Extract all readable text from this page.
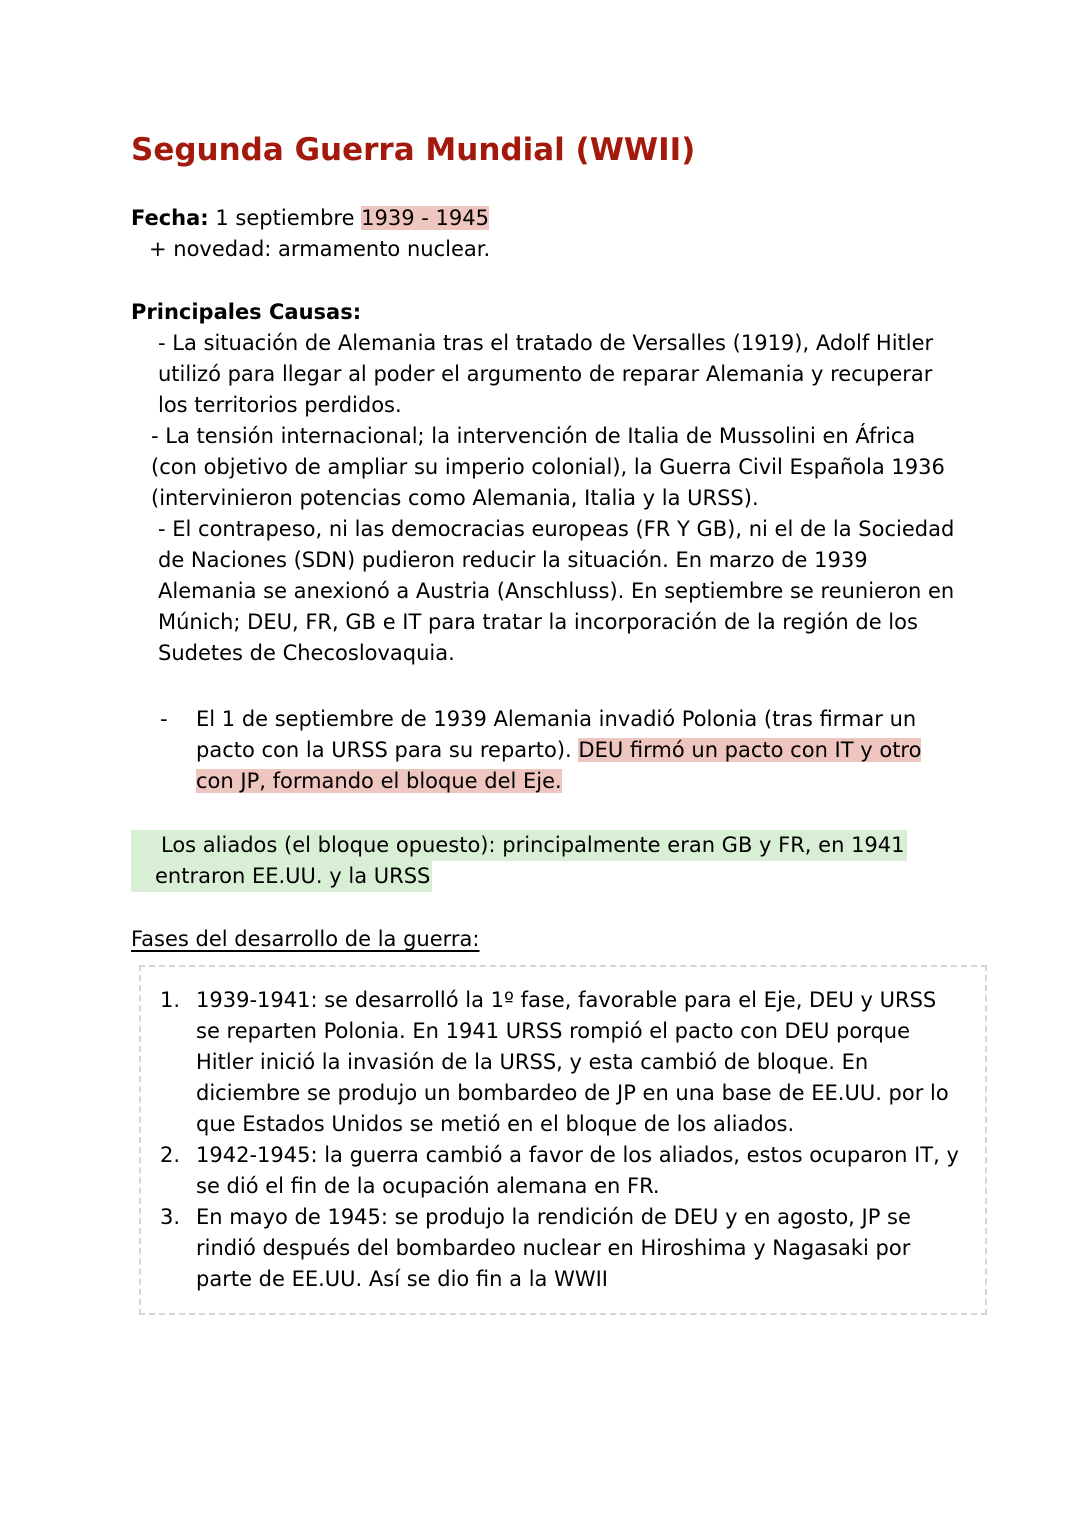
Segunda Guerra Mundial (WWII)

Fecha: 1 septiembre 1939 - 1945

+ novedad: armamento nuclear.

Principales Causas:

- La situación de Alemania tras el tratado de Versalles (1919), Adolf Hitler utilizó para llegar al poder el argumento de reparar Alemania y recuperar los territorios perdidos.

- La tensión internacional; la intervención de Italia de Mussolini en África (con objetivo de ampliar su imperio colonial), la Guerra Civil Española 1936 (intervinieron potencias como Alemania, Italia y la URSS).

- El contrapeso, ni las democracias europeas (FR Y GB), ni el de la Sociedad de Naciones (SDN) pudieron reducir la situación. En marzo de 1939 Alemania se anexionó a Austria (Anschluss). En septiembre se reunieron en Múnich; DEU, FR, GB e IT para tratar la incorporación de la región de los Sudetes de Checoslovaquia.

- El 1 de septiembre de 1939 Alemania invadió Polonia (tras firmar un pacto con la URSS para su reparto). DEU firmó un pacto con IT y otro con JP, formando el bloque del Eje.

Los aliados (el bloque opuesto): principalmente eran GB y FR, en 1941
entraron EE.UU. y la URSS

Fases del desarrollo de la guerra:

1. 1939-1941: se desarrolló la 1º fase, favorable para el Eje, DEU y URSS se reparten Polonia. En 1941 URSS rompió el pacto con DEU porque Hitler inició la invasión de la URSS, y esta cambió de bloque. En diciembre se produjo un bombardeo de JP en una base de EE.UU. por lo que Estados Unidos se metió en el bloque de los aliados.

2. 1942-1945: la guerra cambió a favor de los aliados, estos ocuparon IT, y se dió el fin de la ocupación alemana en FR.

3. En mayo de 1945: se produjo la rendición de DEU y en agosto, JP se rindió después del bombardeo nuclear en Hiroshima y Nagasaki por parte de EE.UU. Así se dio fin a la WWII
